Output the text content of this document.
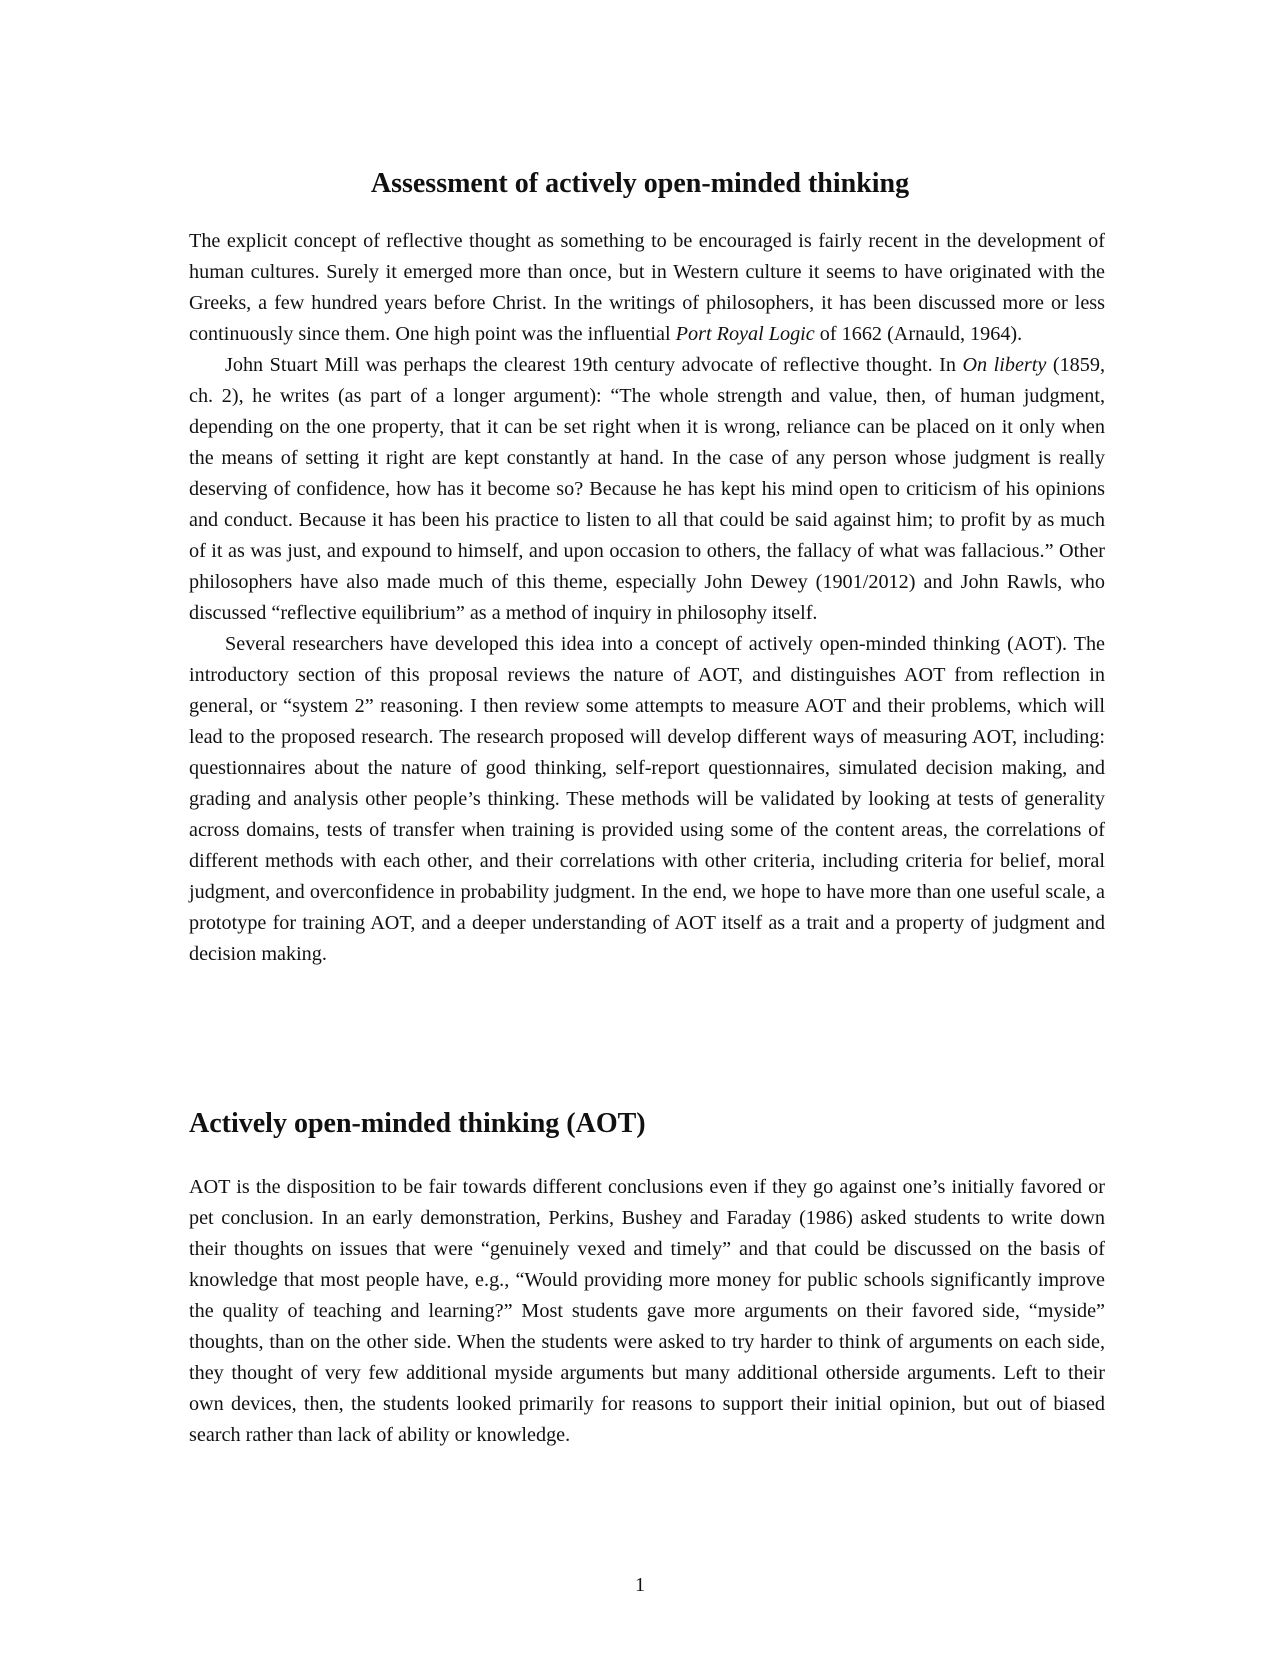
Assessment of actively open-minded thinking

The explicit concept of reflective thought as something to be encouraged is fairly recent in the development of human cultures. Surely it emerged more than once, but in Western culture it seems to have originated with the Greeks, a few hundred years before Christ. In the writings of philosophers, it has been discussed more or less continuously since them. One high point was the influential Port Royal Logic of 1662 (Arnauld, 1964).

John Stuart Mill was perhaps the clearest 19th century advocate of reflective thought. In On liberty (1859, ch. 2), he writes (as part of a longer argument): “The whole strength and value, then, of human judgment, depending on the one property, that it can be set right when it is wrong, reliance can be placed on it only when the means of setting it right are kept constantly at hand. In the case of any person whose judgment is really deserving of confidence, how has it become so? Because he has kept his mind open to criticism of his opinions and conduct. Because it has been his practice to listen to all that could be said against him; to profit by as much of it as was just, and expound to himself, and upon occasion to others, the fallacy of what was fallacious.” Other philosophers have also made much of this theme, especially John Dewey (1901/2012) and John Rawls, who discussed “reflective equilibrium” as a method of inquiry in philosophy itself.

Several researchers have developed this idea into a concept of actively open-minded thinking (AOT). The introductory section of this proposal reviews the nature of AOT, and distinguishes AOT from reflection in general, or “system 2” reasoning. I then review some attempts to measure AOT and their problems, which will lead to the proposed research. The research proposed will develop different ways of measuring AOT, including: questionnaires about the nature of good thinking, self-report questionnaires, simulated decision making, and grading and analysis other people’s thinking. These methods will be validated by looking at tests of generality across domains, tests of transfer when training is provided using some of the content areas, the correlations of different methods with each other, and their correlations with other criteria, including criteria for belief, moral judgment, and overconfidence in probability judgment. In the end, we hope to have more than one useful scale, a prototype for training AOT, and a deeper understanding of AOT itself as a trait and a property of judgment and decision making.

Actively open-minded thinking (AOT)

AOT is the disposition to be fair towards different conclusions even if they go against one’s initially favored or pet conclusion. In an early demonstration, Perkins, Bushey and Faraday (1986) asked students to write down their thoughts on issues that were “genuinely vexed and timely” and that could be discussed on the basis of knowledge that most people have, e.g., “Would providing more money for public schools significantly improve the quality of teaching and learning?” Most students gave more arguments on their favored side, “myside” thoughts, than on the other side. When the students were asked to try harder to think of arguments on each side, they thought of very few additional myside arguments but many additional otherside arguments. Left to their own devices, then, the students looked primarily for reasons to support their initial opinion, but out of biased search rather than lack of ability or knowledge.

1
